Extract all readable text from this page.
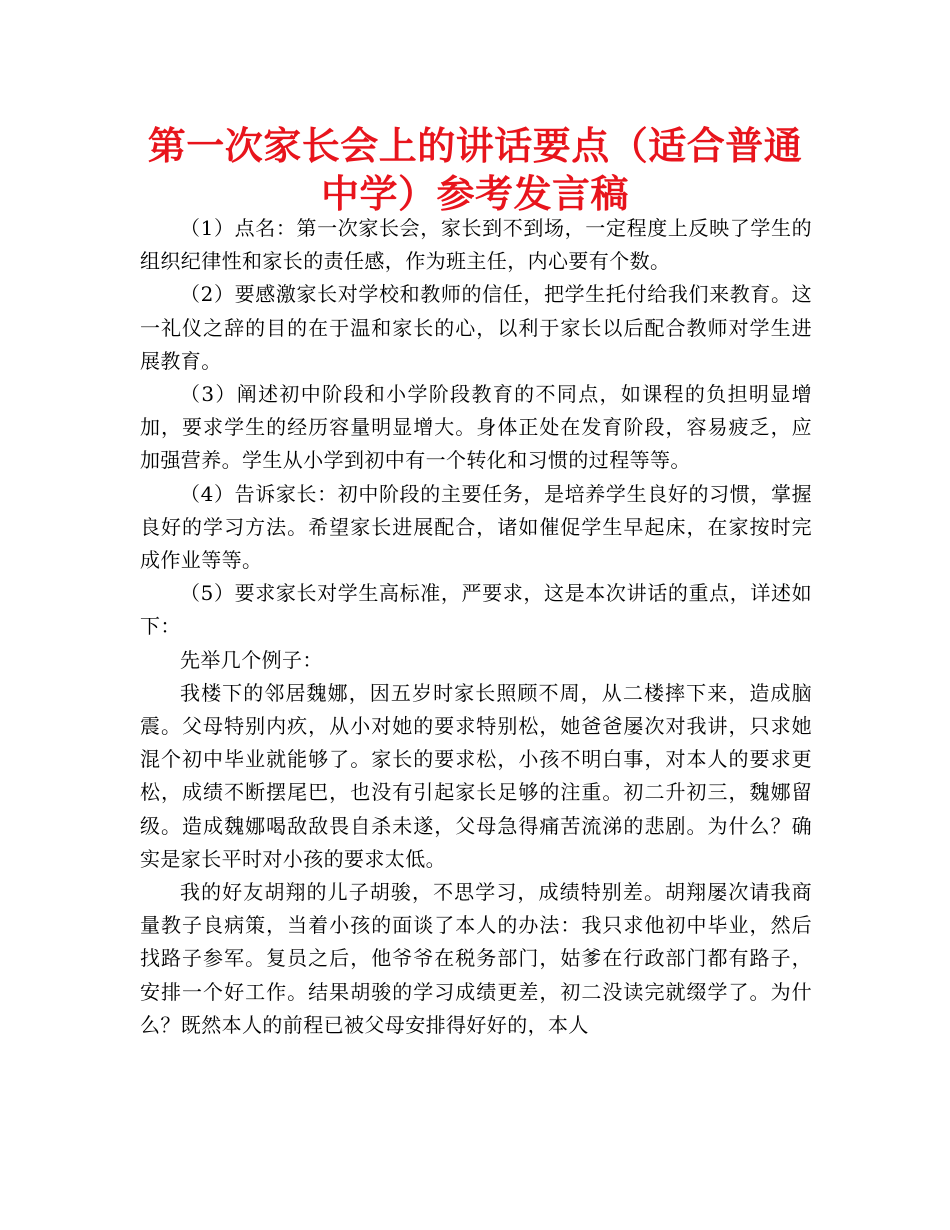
第一次家长会上的讲话要点（适合普通中学）参考发言稿

（1）点名：第一次家长会，家长到不到场，一定程度上反映了学生的组织纪律性和家长的责任感，作为班主任，内心要有个数。

（2）要感激家长对学校和教师的信任，把学生托付给我们来教育。这一礼仪之辞的目的在于温和家长的心，以利于家长以后配合教师对学生进展教育。

（3）阐述初中阶段和小学阶段教育的不同点，如课程的负担明显增加，要求学生的经历容量明显增大。身体正处在发育阶段，容易疲乏，应加强营养。学生从小学到初中有一个转化和习惯的过程等等。

（4）告诉家长：初中阶段的主要任务，是培养学生良好的习惯，掌握良好的学习方法。希望家长进展配合，诸如催促学生早起床，在家按时完成作业等等。

（5）要求家长对学生高标准，严要求，这是本次讲话的重点，详述如下：

先举几个例子：

我楼下的邻居魏娜，因五岁时家长照顾不周，从二楼摔下来，造成脑震。父母特别内疚，从小对她的要求特别松，她爸爸屡次对我讲，只求她混个初中毕业就能够了。家长的要求松，小孩不明白事，对本人的要求更松，成绩不断摆尾巴，也没有引起家长足够的注重。初二升初三，魏娜留级。造成魏娜喝敌敌畏自杀未遂，父母急得痛苦流涕的悲剧。为什么？确实是家长平时对小孩的要求太低。

我的好友胡翔的儿子胡骏，不思学习，成绩特别差。胡翔屡次请我商量教子良病策，当着小孩的面谈了本人的办法：我只求他初中毕业，然后找路子参军。复员之后，他爷爷在税务部门，姑爹在行政部门都有路子，安排一个好工作。结果胡骏的学习成绩更差，初二没读完就缀学了。为什么？既然本人的前程已被父母安排得好好的，本人
